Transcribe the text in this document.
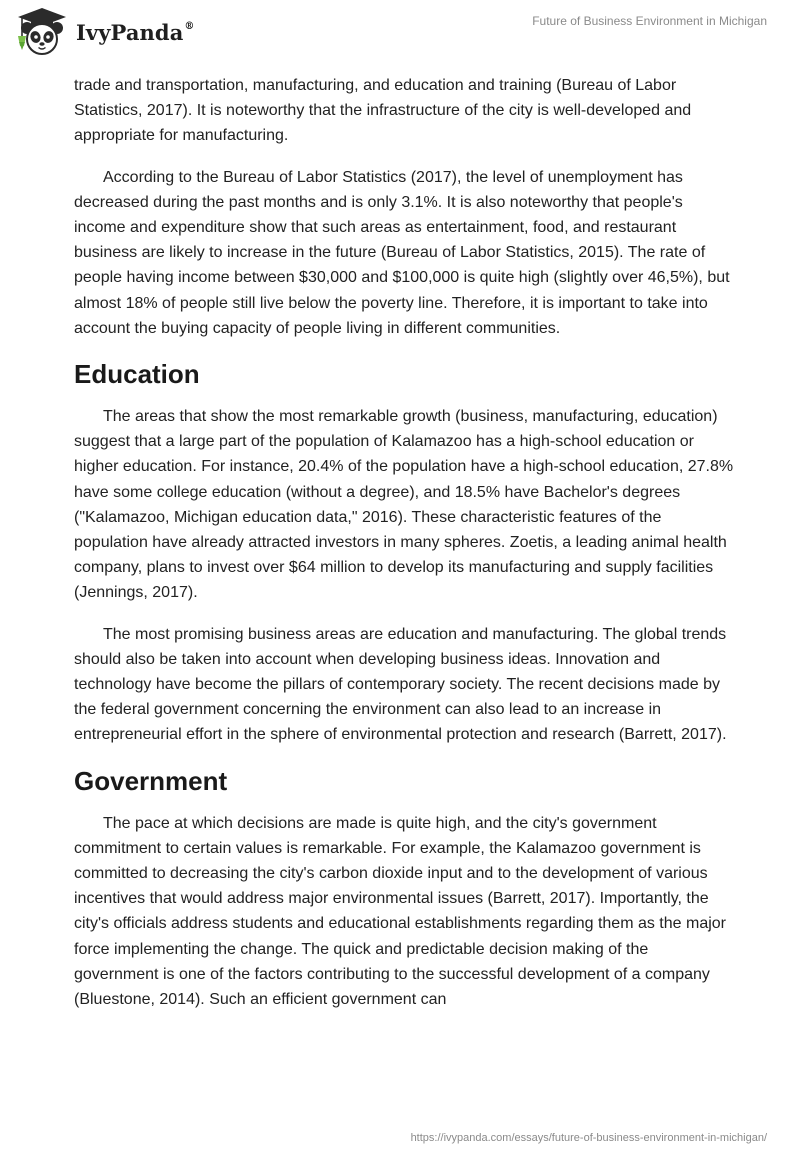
IvyPanda®	Future of Business Environment in Michigan

trade and transportation, manufacturing, and education and training (Bureau of Labor Statistics, 2017). It is noteworthy that the infrastructure of the city is well-developed and appropriate for manufacturing.

According to the Bureau of Labor Statistics (2017), the level of unemployment has decreased during the past months and is only 3.1%. It is also noteworthy that people's income and expenditure show that such areas as entertainment, food, and restaurant business are likely to increase in the future (Bureau of Labor Statistics, 2015). The rate of people having income between $30,000 and $100,000 is quite high (slightly over 46,5%), but almost 18% of people still live below the poverty line. Therefore, it is important to take into account the buying capacity of people living in different communities.

Education

The areas that show the most remarkable growth (business, manufacturing, education) suggest that a large part of the population of Kalamazoo has a high-school education or higher education. For instance, 20.4% of the population have a high-school education, 27.8% have some college education (without a degree), and 18.5% have Bachelor's degrees ("Kalamazoo, Michigan education data," 2016). These characteristic features of the population have already attracted investors in many spheres. Zoetis, a leading animal health company, plans to invest over $64 million to develop its manufacturing and supply facilities (Jennings, 2017).

The most promising business areas are education and manufacturing. The global trends should also be taken into account when developing business ideas. Innovation and technology have become the pillars of contemporary society. The recent decisions made by the federal government concerning the environment can also lead to an increase in entrepreneurial effort in the sphere of environmental protection and research (Barrett, 2017).

Government

The pace at which decisions are made is quite high, and the city's government commitment to certain values is remarkable. For example, the Kalamazoo government is committed to decreasing the city's carbon dioxide input and to the development of various incentives that would address major environmental issues (Barrett, 2017). Importantly, the city's officials address students and educational establishments regarding them as the major force implementing the change. The quick and predictable decision making of the government is one of the factors contributing to the successful development of a company (Bluestone, 2014). Such an efficient government can

https://ivypanda.com/essays/future-of-business-environment-in-michigan/
